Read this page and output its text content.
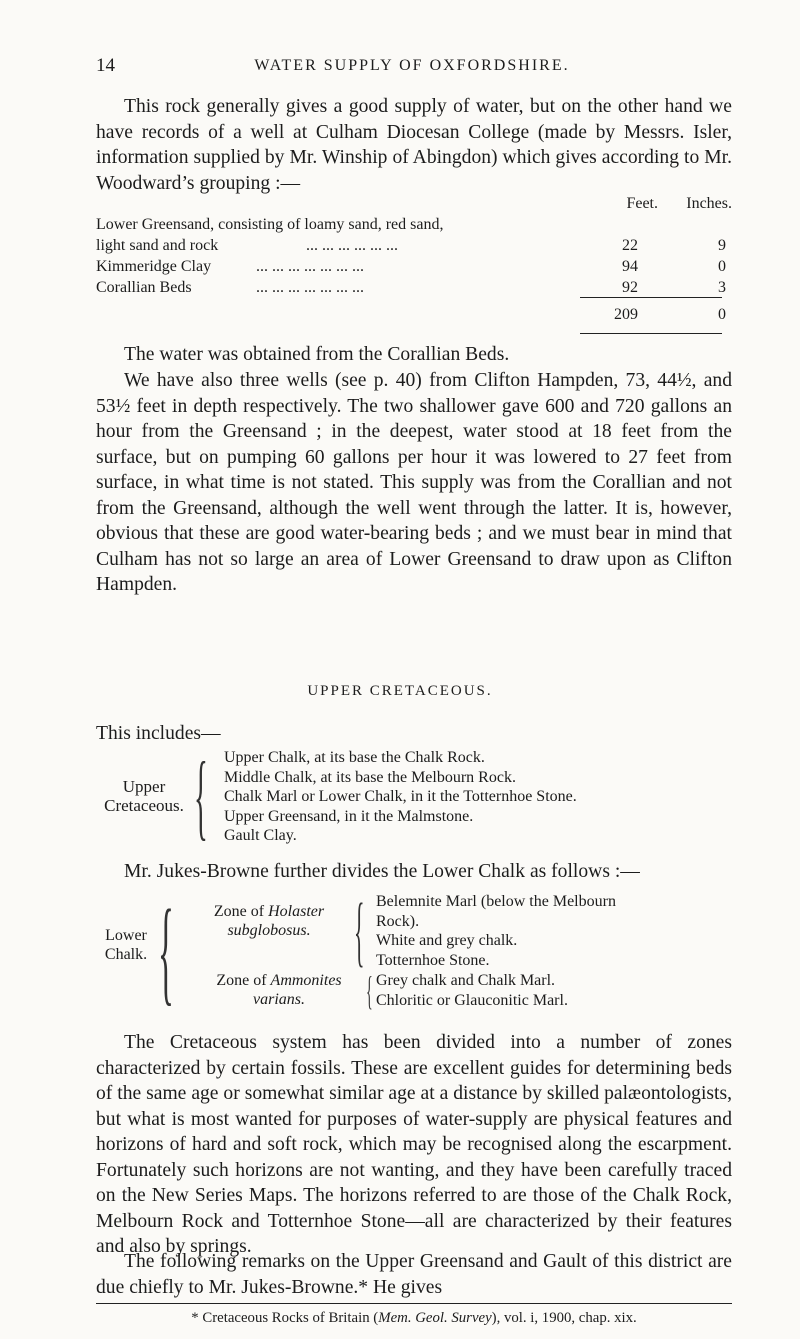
14	WATER SUPPLY OF OXFORDSHIRE.

This rock generally gives a good supply of water, but on the other hand we have records of a well at Culham Diocesan College (made by Messrs. Isler, information supplied by Mr. Winship of Abingdon) which gives according to Mr. Woodward’s grouping :—

Feet. Inches.
Lower Greensand, consisting of loamy sand, red sand,
light sand and rock	... ... ... ... ... ...	22	9
Kimmeridge Clay	... ... ... ... ... ... ...	94	0
Corallian Beds	... ... ... ... ... ... ...	92	3
209	0

The water was obtained from the Corallian Beds.

We have also three wells (see p. 40) from Clifton Hampden, 73, 44½, and 53½ feet in depth respectively. The two shallower gave 600 and 720 gallons an hour from the Greensand ; in the deepest, water stood at 18 feet from the surface, but on pumping 60 gallons per hour it was lowered to 27 feet from surface, in what time is not stated. This supply was from the Corallian and not from the Greensand, although the well went through the latter. It is, however, obvious that these are good water-bearing beds ; and we must bear in mind that Culham has not so large an area of Lower Greensand to draw upon as Clifton Hampden.

UPPER CRETACEOUS.

This includes—

Upper
Cretaceous. { Upper Chalk, at its base the Chalk Rock.
Middle Chalk, at its base the Melbourn Rock.
Chalk Marl or Lower Chalk, in it the Totternhoe Stone.
Upper Greensand, in it the Malmstone.
Gault Clay.

Mr. Jukes-Browne further divides the Lower Chalk as follows :—

Lower
Chalk. {	Zone of Holaster
subglobosus. { Belemnite Marl (below the Melbourn
Rock).
White and grey chalk.
Totternhoe Stone.
Zone of Ammonites
varians.	{ Grey chalk and Chalk Marl.
Chloritic or Glauconitic Marl.

The Cretaceous system has been divided into a number of zones characterized by certain fossils. These are excellent guides for determining beds of the same age or somewhat similar age at a distance by skilled palæontologists, but what is most wanted for purposes of water-supply are physical features and horizons of hard and soft rock, which may be recognised along the escarpment. Fortunately such horizons are not wanting, and they have been carefully traced on the New Series Maps. The horizons referred to are those of the Chalk Rock, Melbourn Rock and Totternhoe Stone—all are characterized by their features and also by springs.

The following remarks on the Upper Greensand and Gault of this district are due chiefly to Mr. Jukes-Browne.* He gives

* Cretaceous Rocks of Britain (Mem. Geol. Survey), vol. i, 1900, chap. xix.
